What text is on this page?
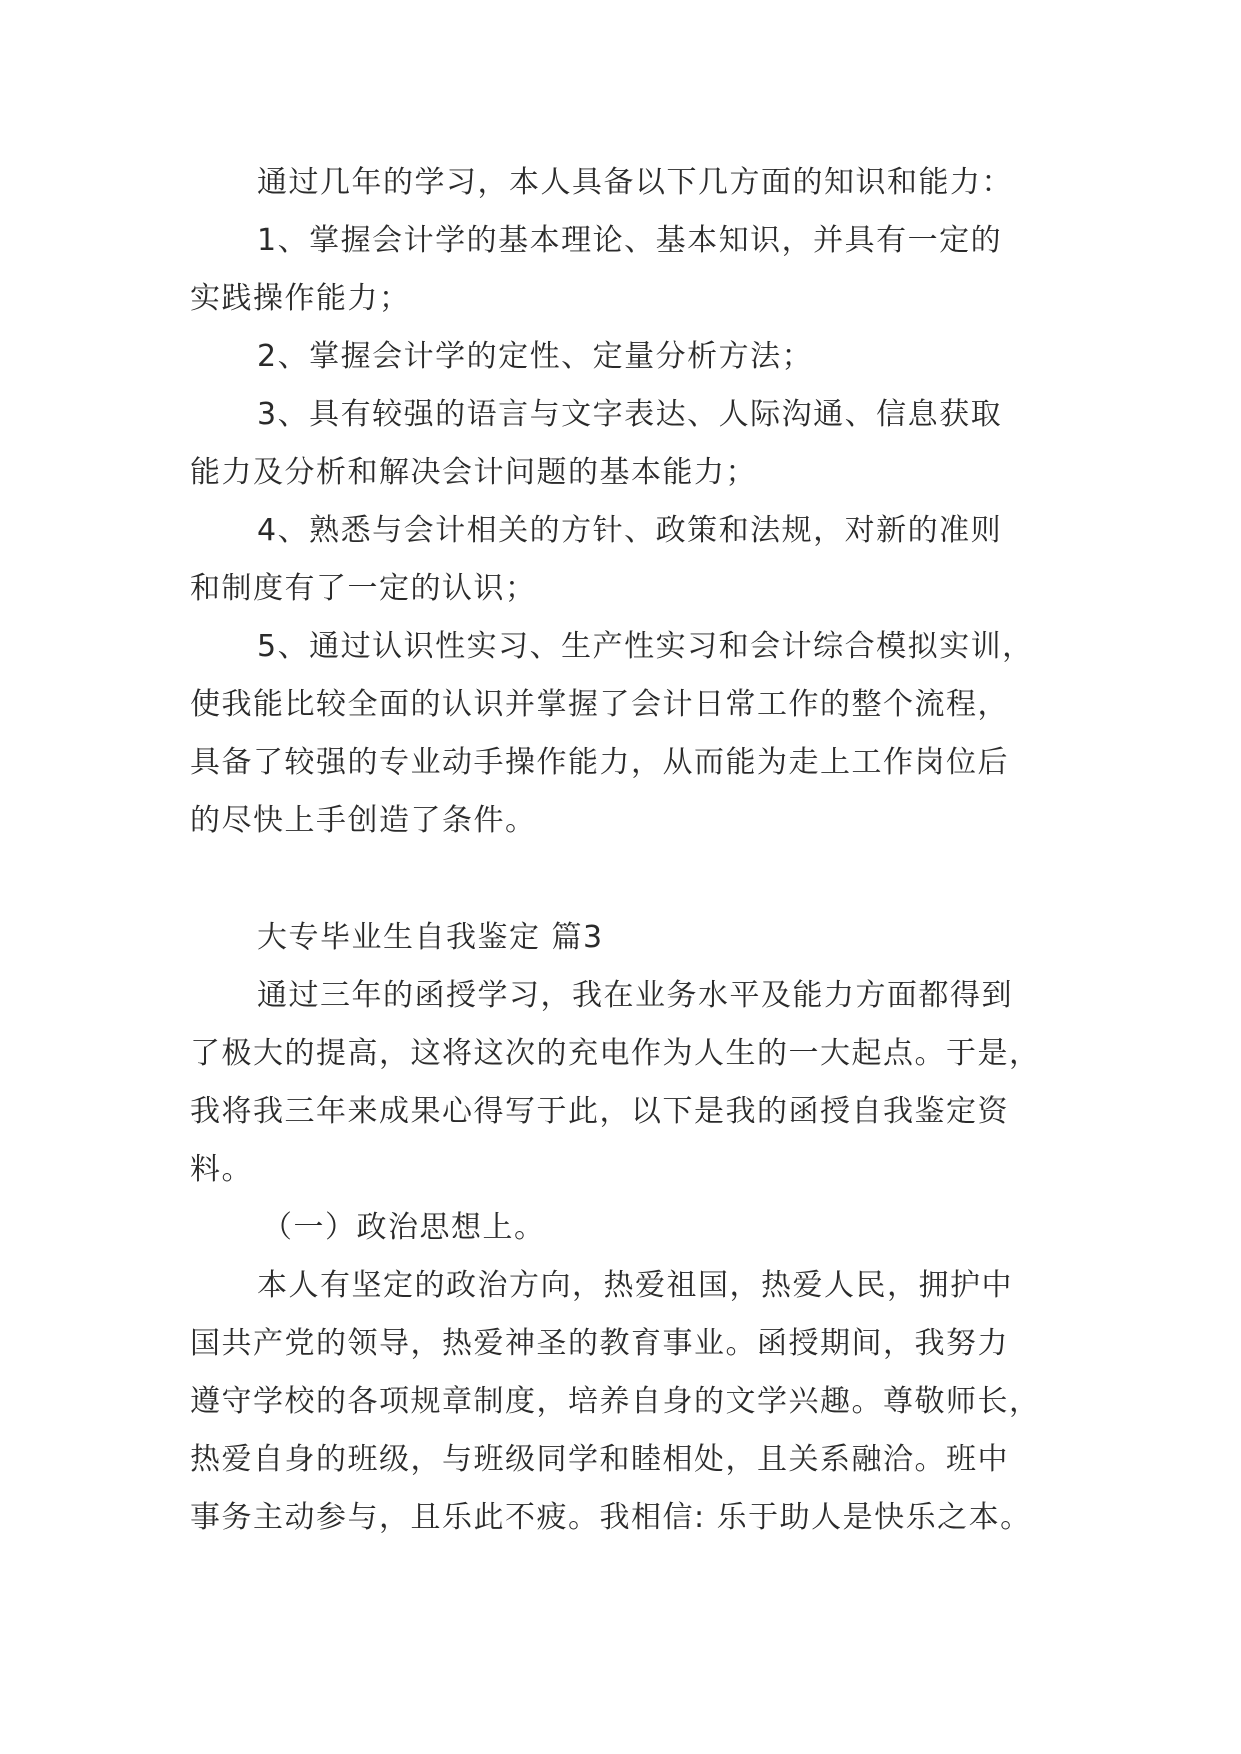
通过几年的学习，本人具备以下几方面的知识和能力：
1、掌握会计学的基本理论、基本知识，并具有一定的
实践操作能力；
2、掌握会计学的定性、定量分析方法；
3、具有较强的语言与文字表达、人际沟通、信息获取
能力及分析和解决会计问题的基本能力；
4、熟悉与会计相关的方针、政策和法规，对新的准则
和制度有了一定的认识；
5、通过认识性实习、生产性实习和会计综合模拟实训，
使我能比较全面的认识并掌握了会计日常工作的整个流程，
具备了较强的专业动手操作能力，从而能为走上工作岗位后
的尽快上手创造了条件。
大专毕业生自我鉴定 篇3
通过三年的函授学习，我在业务水平及能力方面都得到
了极大的提高，这将这次的充电作为人生的一大起点。于是，
我将我三年来成果心得写于此，以下是我的函授自我鉴定资
料。
（一）政治思想上。
本人有坚定的政治方向，热爱祖国，热爱人民，拥护中
国共产党的领导，热爱神圣的教育事业。函授期间，我努力
遵守学校的各项规章制度，培养自身的文学兴趣。尊敬师长，
热爱自身的班级，与班级同学和睦相处，且关系融洽。班中
事务主动参与，且乐此不疲。我相信: 乐于助人是快乐之本。
